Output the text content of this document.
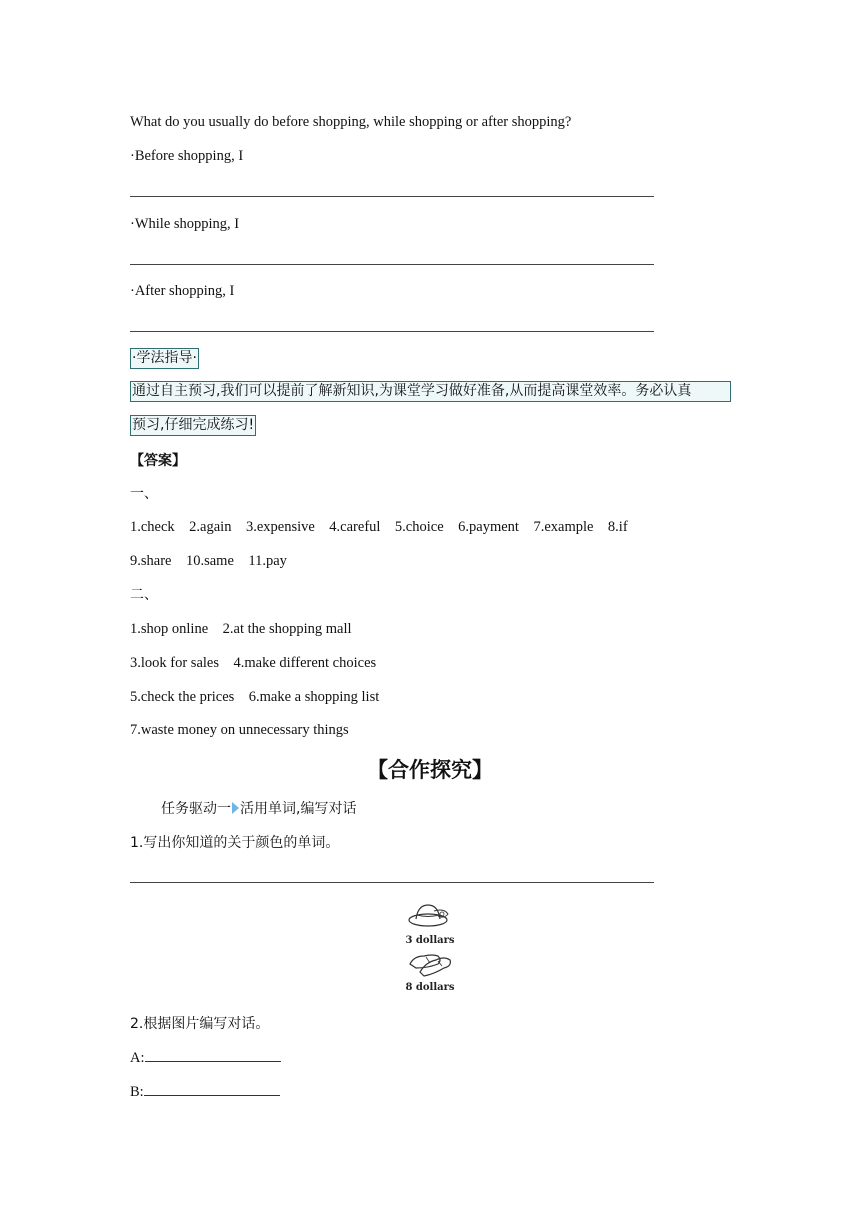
What do you usually do before shopping, while shopping or after shopping?
·Before shopping, I
·While shopping, I
·After shopping, I
·学法指导·
通过自主预习,我们可以提前了解新知识,为课堂学习做好准备,从而提高课堂效率。务必认真
预习,仔细完成练习!
【答案】
一、
1.check    2.again    3.expensive    4.careful    5.choice    6.payment    7.example    8.if
9.share    10.same    11.pay
二、
1.shop online    2.at the shopping mall
3.look for sales    4.make different choices
5.check the prices    6.make a shopping list
7.waste money on unnecessary things
【合作探究】
任务驱动一 活用单词,编写对话
1.写出你知道的关于颜色的单词。
3 dollars
8 dollars
2.根据图片编写对话。
A:
B:
